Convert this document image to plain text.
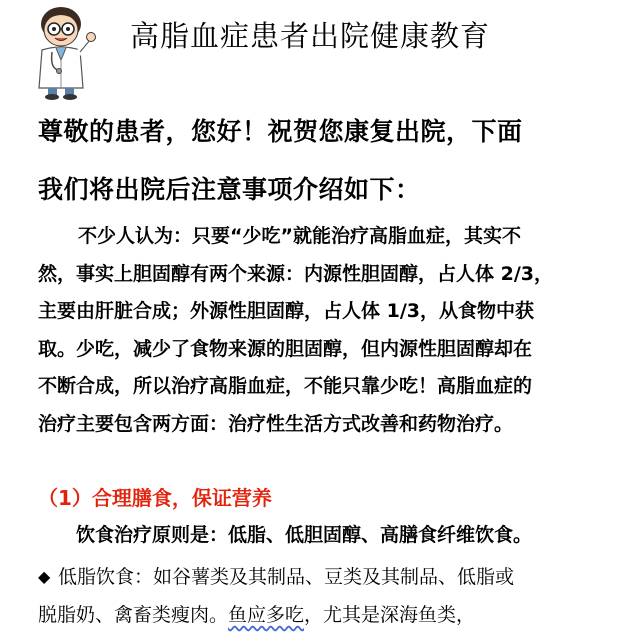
高脂血症患者出院健康教育
尊敬的患者，您好！祝贺您康复出院，下面
我们将出院后注意事项介绍如下：
不少人认为：只要“少吃”就能治疗高脂血症，其实不
然，事实上胆固醇有两个来源：内源性胆固醇，占人体 2/3，
主要由肝脏合成；外源性胆固醇，占人体 1/3，从食物中获
取。少吃，减少了食物来源的胆固醇，但内源性胆固醇却在
不断合成，所以治疗高脂血症，不能只靠少吃！高脂血症的
治疗主要包含两方面：治疗性生活方式改善和药物治疗。
（1）合理膳食，保证营养
饮食治疗原则是：低脂、低胆固醇、高膳食纤维饮食。
◆ 低脂饮食：如谷薯类及其制品、豆类及其制品、低脂或
脱脂奶、禽畜类瘦肉。鱼应多吃，尤其是深海鱼类，
